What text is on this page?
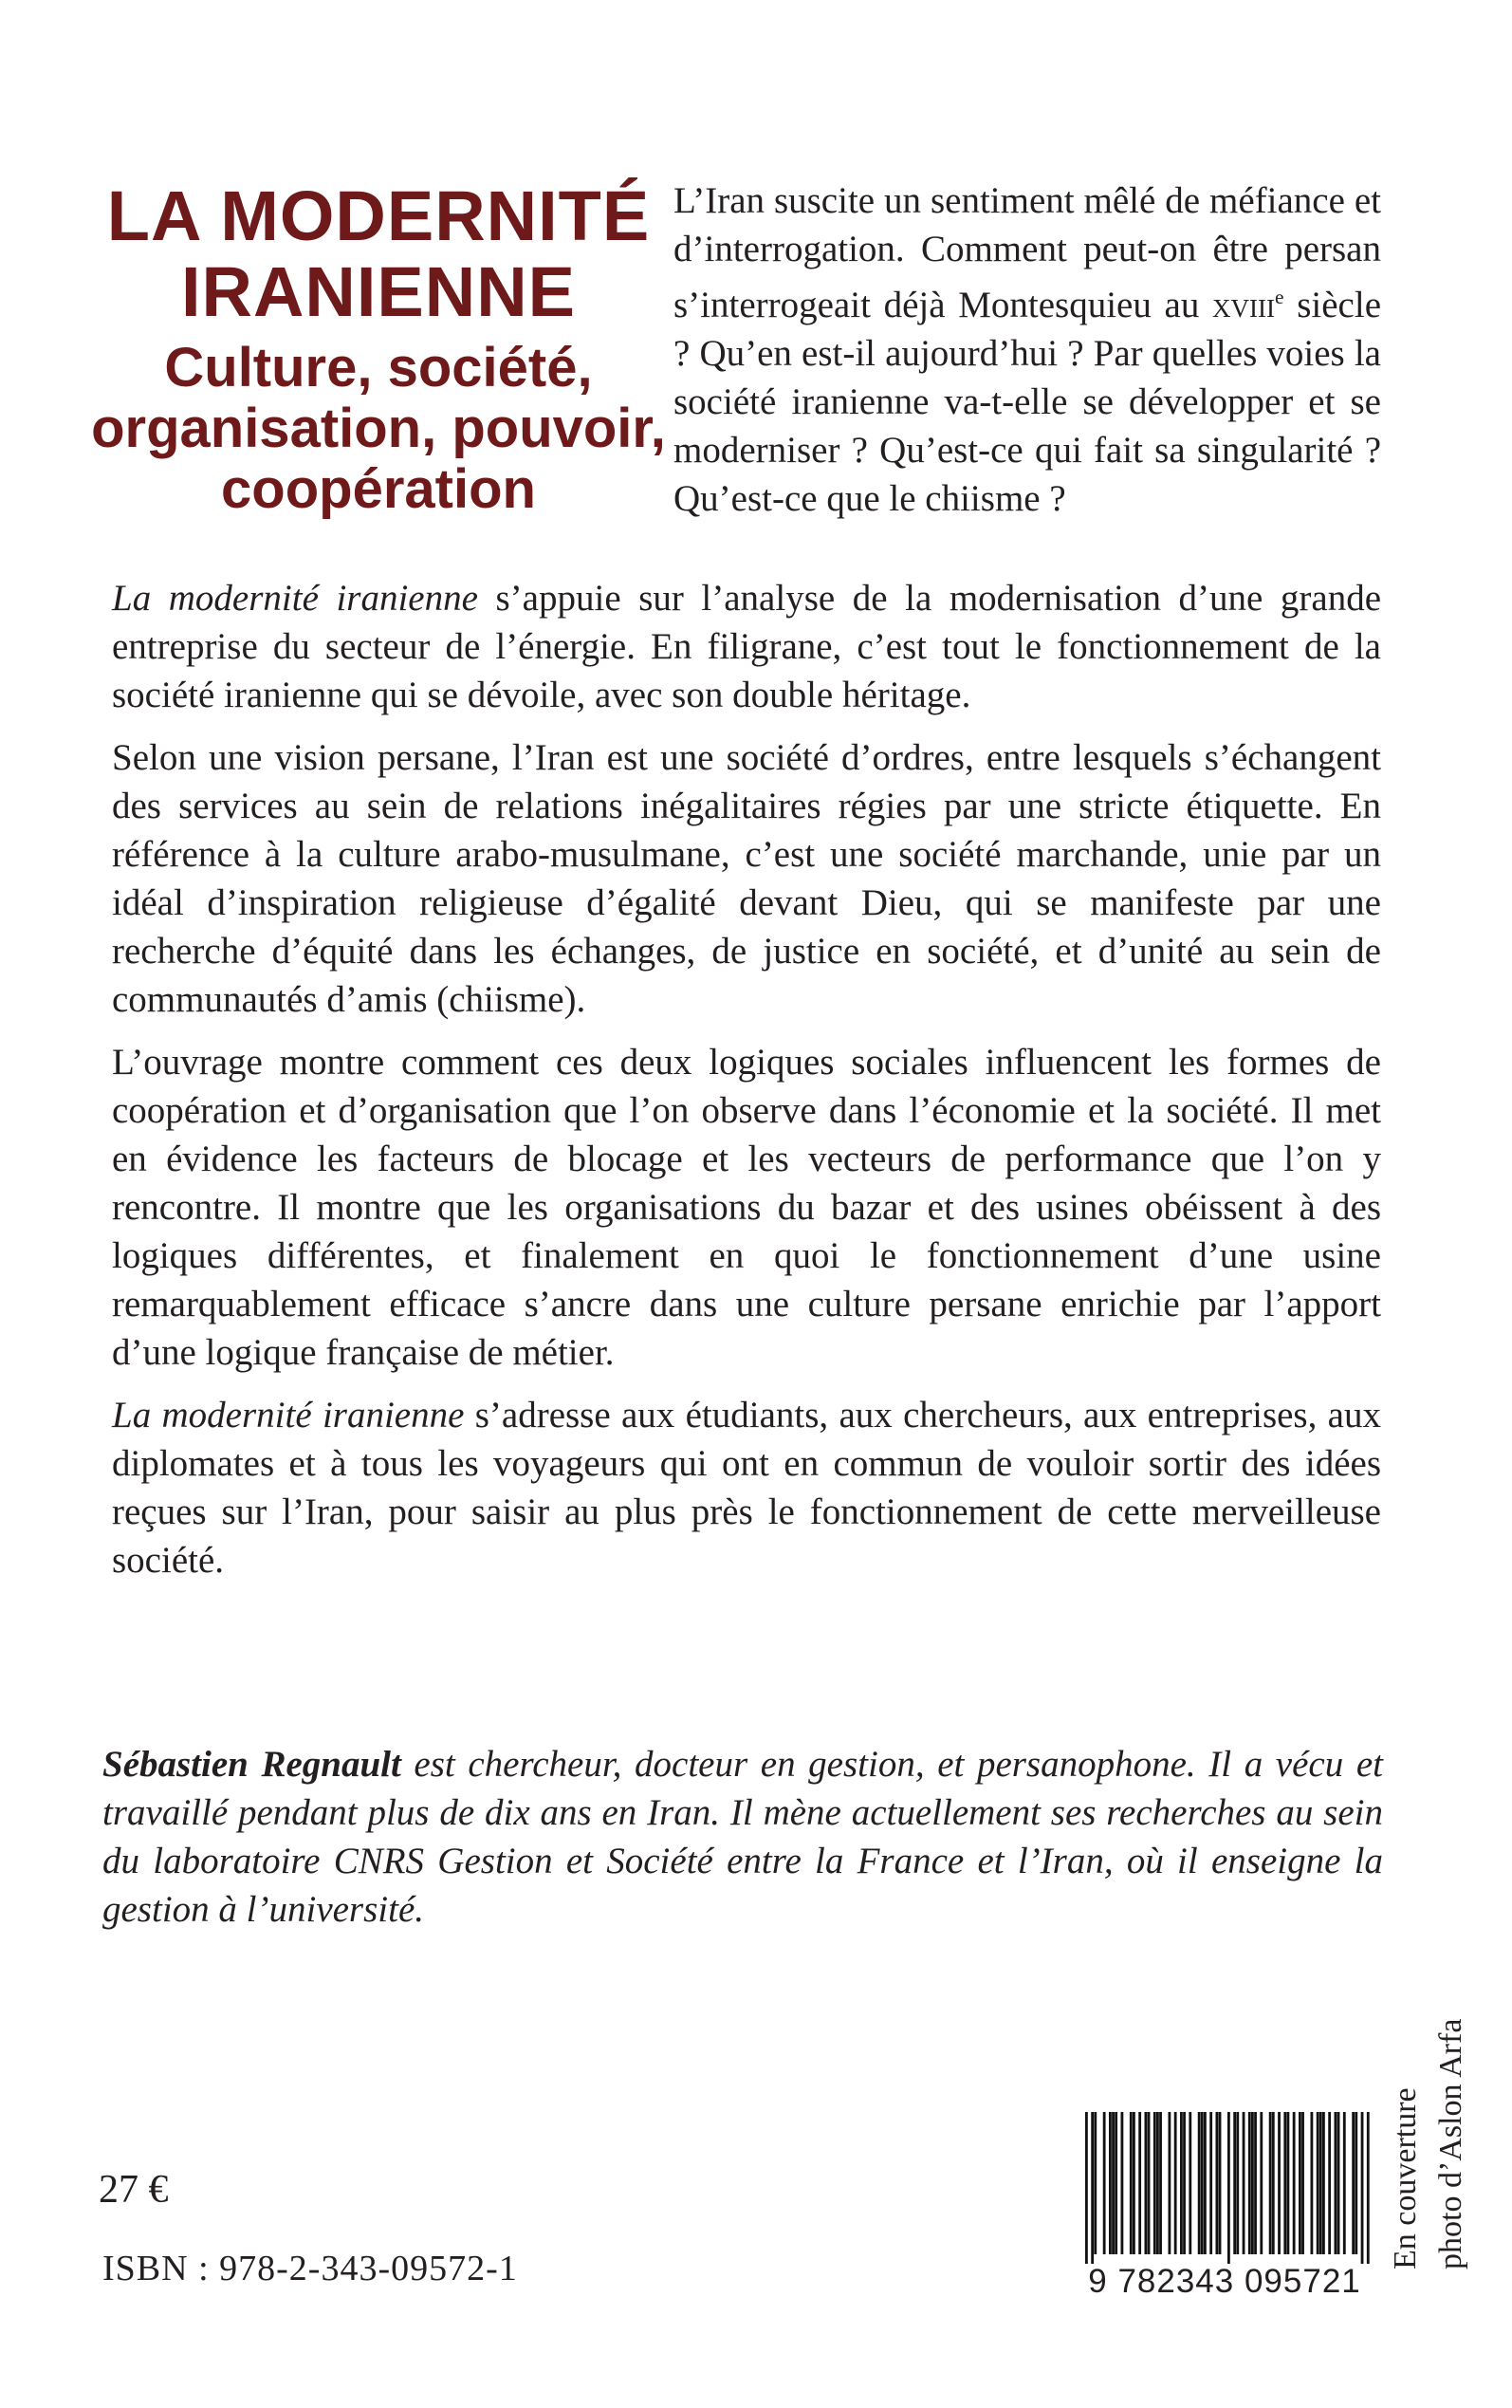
LA MODERNITÉ IRANIENNE
Culture, société, organisation, pouvoir, coopération

L’Iran suscite un sentiment mêlé de méfiance et d’interrogation. Comment peut-on être persan s’interrogeait déjà Montesquieu au xviii$^e$ siècle ? Qu’en est-il aujourd’hui ? Par quelles voies la société iranienne va-t-elle se développer et se moderniser ? Qu’est-ce qui fait sa singularité ? Qu’est-ce que le chiisme ?

La modernité iranienne s’appuie sur l’analyse de la modernisation d’une grande entreprise du secteur de l’énergie. En filigrane, c’est tout le fonctionnement de la société iranienne qui se dévoile, avec son double héritage.

Selon une vision persane, l’Iran est une société d’ordres, entre lesquels s’échangent des services au sein de relations inégalitaires régies par une stricte étiquette. En référence à la culture arabo-musulmane, c’est une société marchande, unie par un idéal d’inspiration religieuse d’égalité devant Dieu, qui se manifeste par une recherche d’équité dans les échanges, de justice en société, et d’unité au sein de communautés d’amis (chiisme).

L’ouvrage montre comment ces deux logiques sociales influencent les formes de coopération et d’organisation que l’on observe dans l’économie et la société. Il met en évidence les facteurs de blocage et les vecteurs de performance que l’on y rencontre. Il montre que les organisations du bazar et des usines obéissent à des logiques différentes, et finalement en quoi le fonctionnement d’une usine remarquablement efficace s’ancre dans une culture persane enrichie par l’apport d’une logique française de métier.

La modernité iranienne s’adresse aux étudiants, aux chercheurs, aux entreprises, aux diplomates et à tous les voyageurs qui ont en commun de vouloir sortir des idées reçues sur l’Iran, pour saisir au plus près le fonctionnement de cette merveilleuse société.

Sébastien Regnault est chercheur, docteur en gestion, et persanophone. Il a vécu et travaillé pendant plus de dix ans en Iran. Il mène actuellement ses recherches au sein du laboratoire CNRS Gestion et Société entre la France et l’Iran, où il enseigne la gestion à l’université.

27 €
ISBN : 978-2-343-09572-1	9 782343 095721
En couverture photo d’Aslon Arfa
